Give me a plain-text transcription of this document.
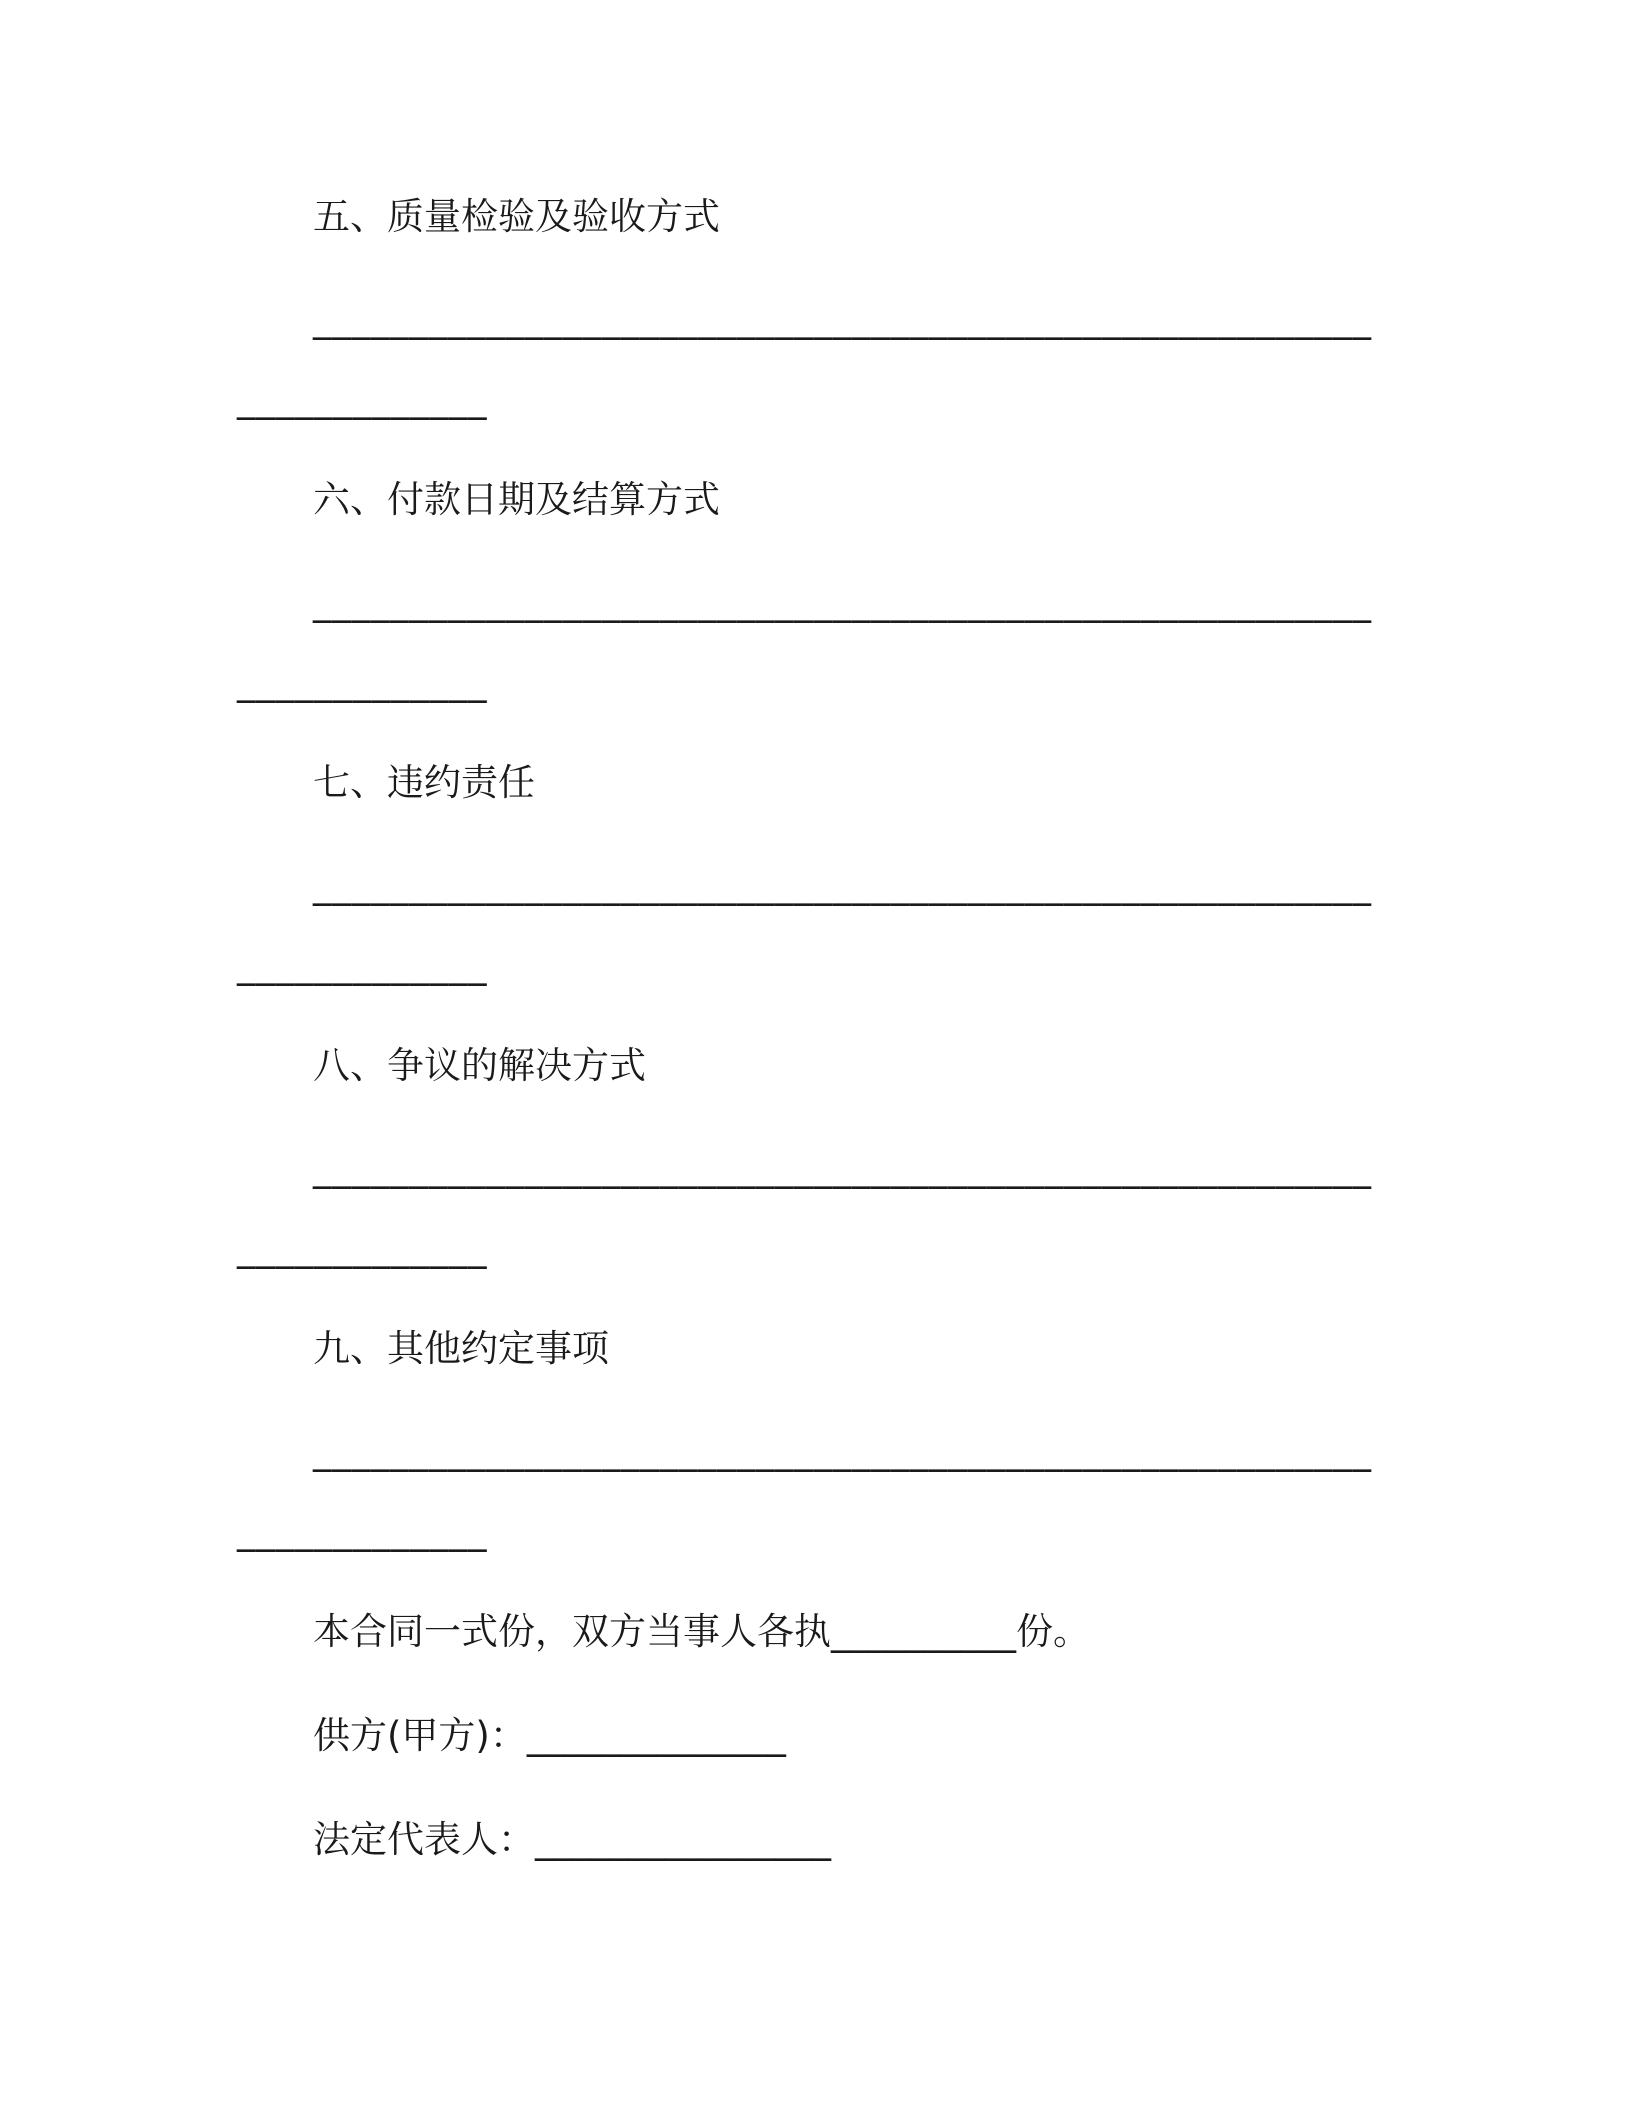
五、质量检验及验收方式
_______________________________________________________
_____________
六、付款日期及结算方式
_______________________________________________________
_____________
七、违约责任
_______________________________________________________
_____________
八、争议的解决方式
_______________________________________________________
_____________
九、其他约定事项
_______________________________________________________
_____________
本合同一式份，双方当事人各执__________份。
供方(甲方)：______________
法定代表人：________________
